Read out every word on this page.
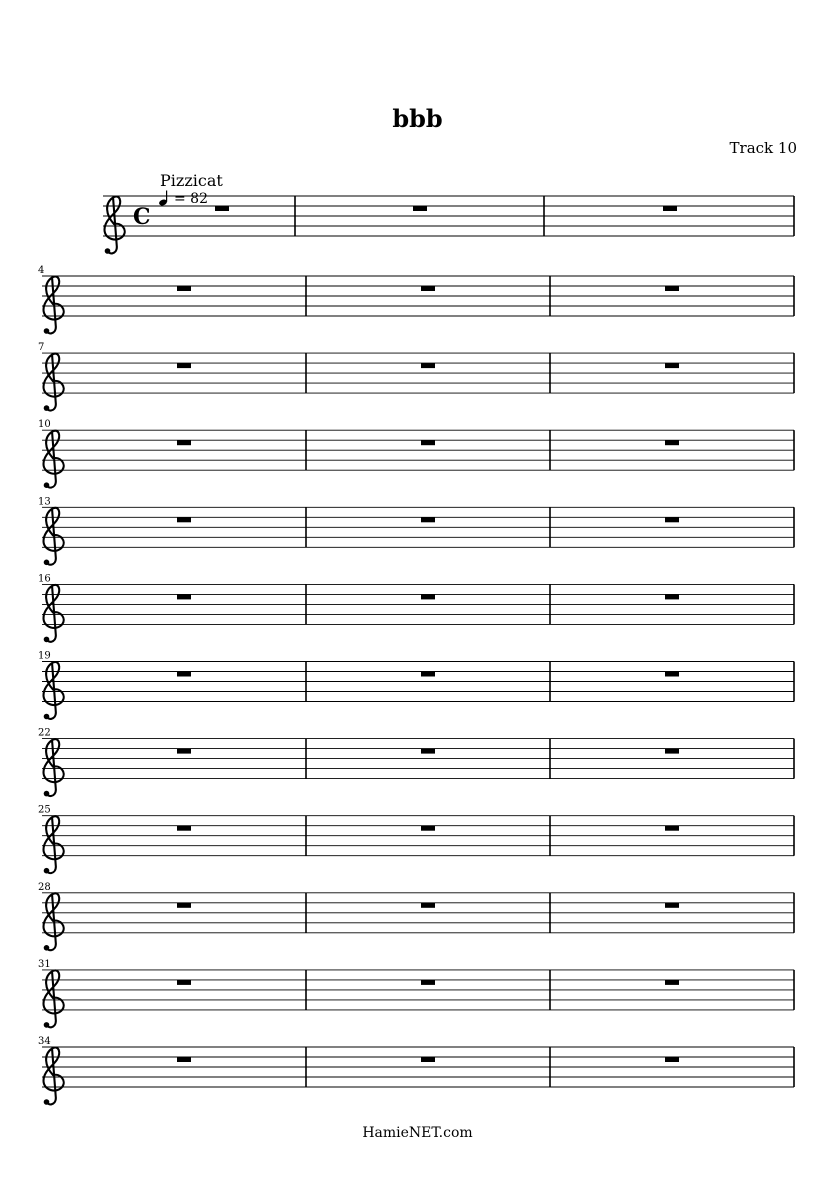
bbb
Track 10
Pizzicat
= 82
C
4
7
10
13
16
19
22
25
28
31
34
HamieNET.com
